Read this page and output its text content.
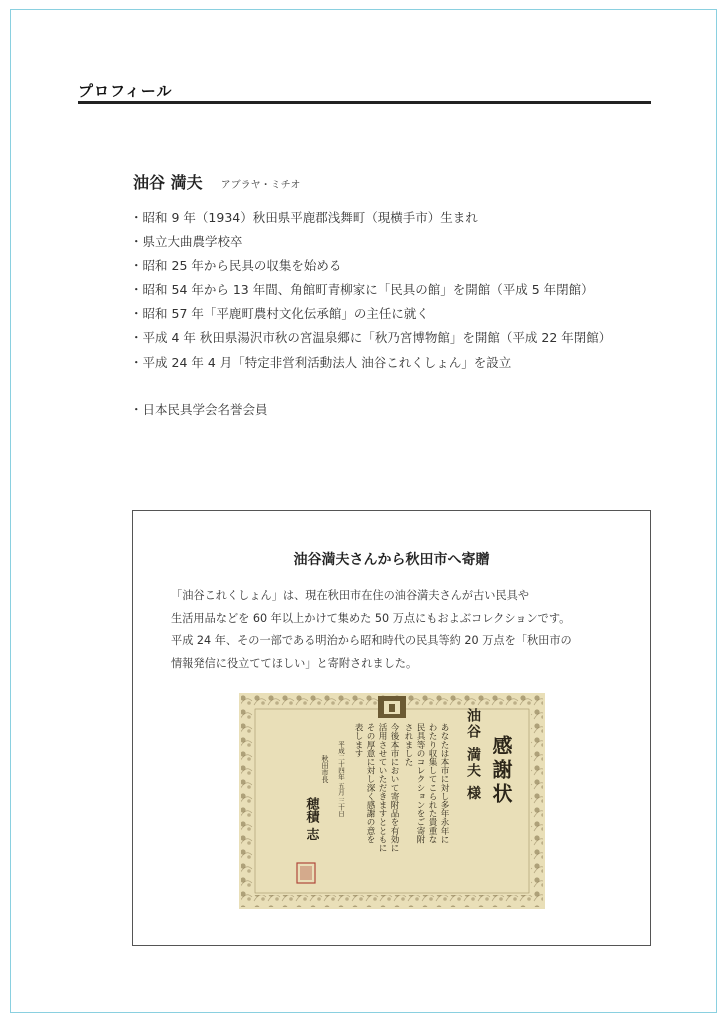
プロフィール
油谷 満夫 アブラヤ・ミチオ
・ 昭和 9 年（1934）秋田県平鹿郡浅舞町（現横手市）生まれ
・ 県立大曲農学校卒
・ 昭和 25 年から民具の収集を始める
・ 昭和 54 年から 13 年間、角館町青柳家に「民具の館」を開館（平成 5 年閉館）
・ 昭和 57 年「平鹿町農村文化伝承館」の主任に就く
・ 平成 4 年 秋田県湯沢市秋の宮温泉郷に「秋乃宮博物館」を開館（平成 22 年閉館）
・ 平成 24 年 4 月「特定非営利活動法人 油谷これくしょん」を設立
・ 日本民具学会名誉会員
油谷満夫さんから秋田市へ寄贈
「油谷これくしょん」は、現在秋田市在住の油谷満夫さんが古い民具や
生活用品などを 60 年以上かけて集めた 50 万点にもおよぶコレクションです。
平成 24 年、その一部である明治から昭和時代の民具等約 20 万点を「秋田市の
情報発信に役立ててほしい」と寄附されました。
感謝状
油谷 満夫 様
あなたは本市に対し多年永年に
わたり収集してこられた貴重な
民具等のコレクションをご寄附
されました
今後本市において寄附品を有効に
活用させていただきますとともに
その厚意に対し深く感謝の意を
表します
平成二十四年 五月 三十日
秋田市長
穂積 志
